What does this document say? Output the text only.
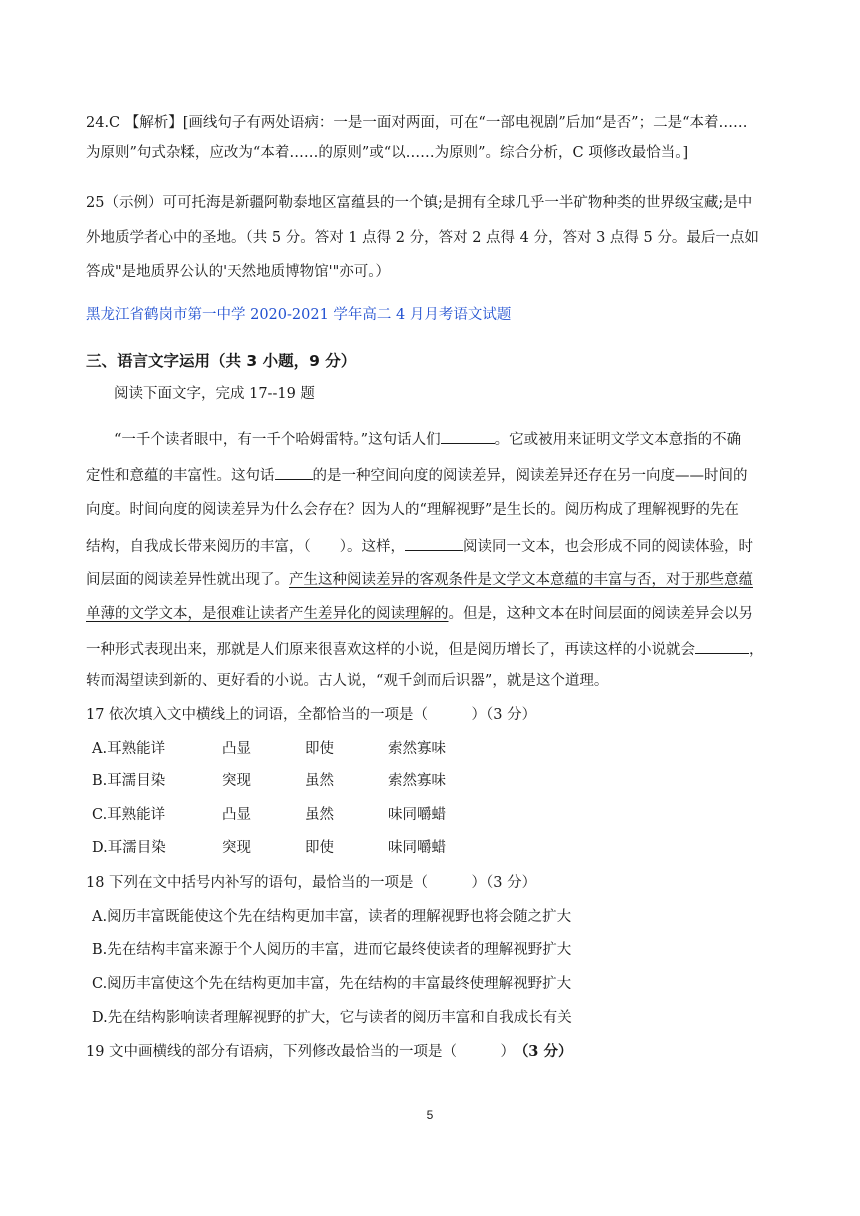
24.C 【解析】[画线句子有两处语病：一是一面对两面，可在“一部电视剧”后加“是否”；二是“本着……
为原则”句式杂糅，应改为“本着……的原则”或“以……为原则”。综合分析，C 项修改最恰当。]
25（示例）可可托海是新疆阿勒泰地区富蕴县的一个镇;是拥有全球几乎一半矿物种类的世界级宝藏;是中
外地质学者心中的圣地。（共 5 分。答对 1 点得 2 分，答对 2 点得 4 分，答对 3 点得 5 分。最后一点如
答成"是地质界公认的'天然地质博物馆'"亦可。）
黑龙江省鹤岗市第一中学 2020-2021 学年高二 4 月月考语文试题
三、语言文字运用（共 3 小题，9 分）
阅读下面文字，完成 17--19 题
“一千个读者眼中，有一千个哈姆雷特。”这句话人们	。它或被用来证明文学文本意指的不确
定性和意蕴的丰富性。这句话	的是一种空间向度的阅读差异，阅读差异还存在另一向度——时间的
向度。时间向度的阅读差异为什么会存在？因为人的“理解视野”是生长的。阅历构成了理解视野的先在
结构，自我成长带来阅历的丰富，（　　）。这样，	阅读同一文本，也会形成不同的阅读体验，时
间层面的阅读差异性就出现了。产生这种阅读差异的客观条件是文学文本意蕴的丰富与否，对于那些意蕴
单薄的文学文本，是很难让读者产生差异化的阅读理解的。但是，这种文本在时间层面的阅读差异会以另
一种形式表现出来，那就是人们原来很喜欢这样的小说，但是阅历增长了，再读这样的小说就会	，
转而渴望读到新的、更好看的小说。古人说，“观千剑而后识器”，就是这个道理。
17 依次填入文中横线上的词语，全都恰当的一项是（　　　）（3 分）
A.耳熟能详	凸显	即使	索然寡味
B.耳濡目染	突现	虽然	索然寡味
C.耳熟能详	凸显	虽然	味同嚼蜡
D.耳濡目染	突现	即使	味同嚼蜡
18 下列在文中括号内补写的语句，最恰当的一项是（　　　）（3 分）
A.阅历丰富既能使这个先在结构更加丰富，读者的理解视野也将会随之扩大
B.先在结构丰富来源于个人阅历的丰富，进而它最终使读者的理解视野扩大
C.阅历丰富使这个先在结构更加丰富，先在结构的丰富最终使理解视野扩大
D.先在结构影响读者理解视野的扩大，它与读者的阅历丰富和自我成长有关
19 文中画横线的部分有语病，下列修改最恰当的一项是（　　　） （3 分）
5
